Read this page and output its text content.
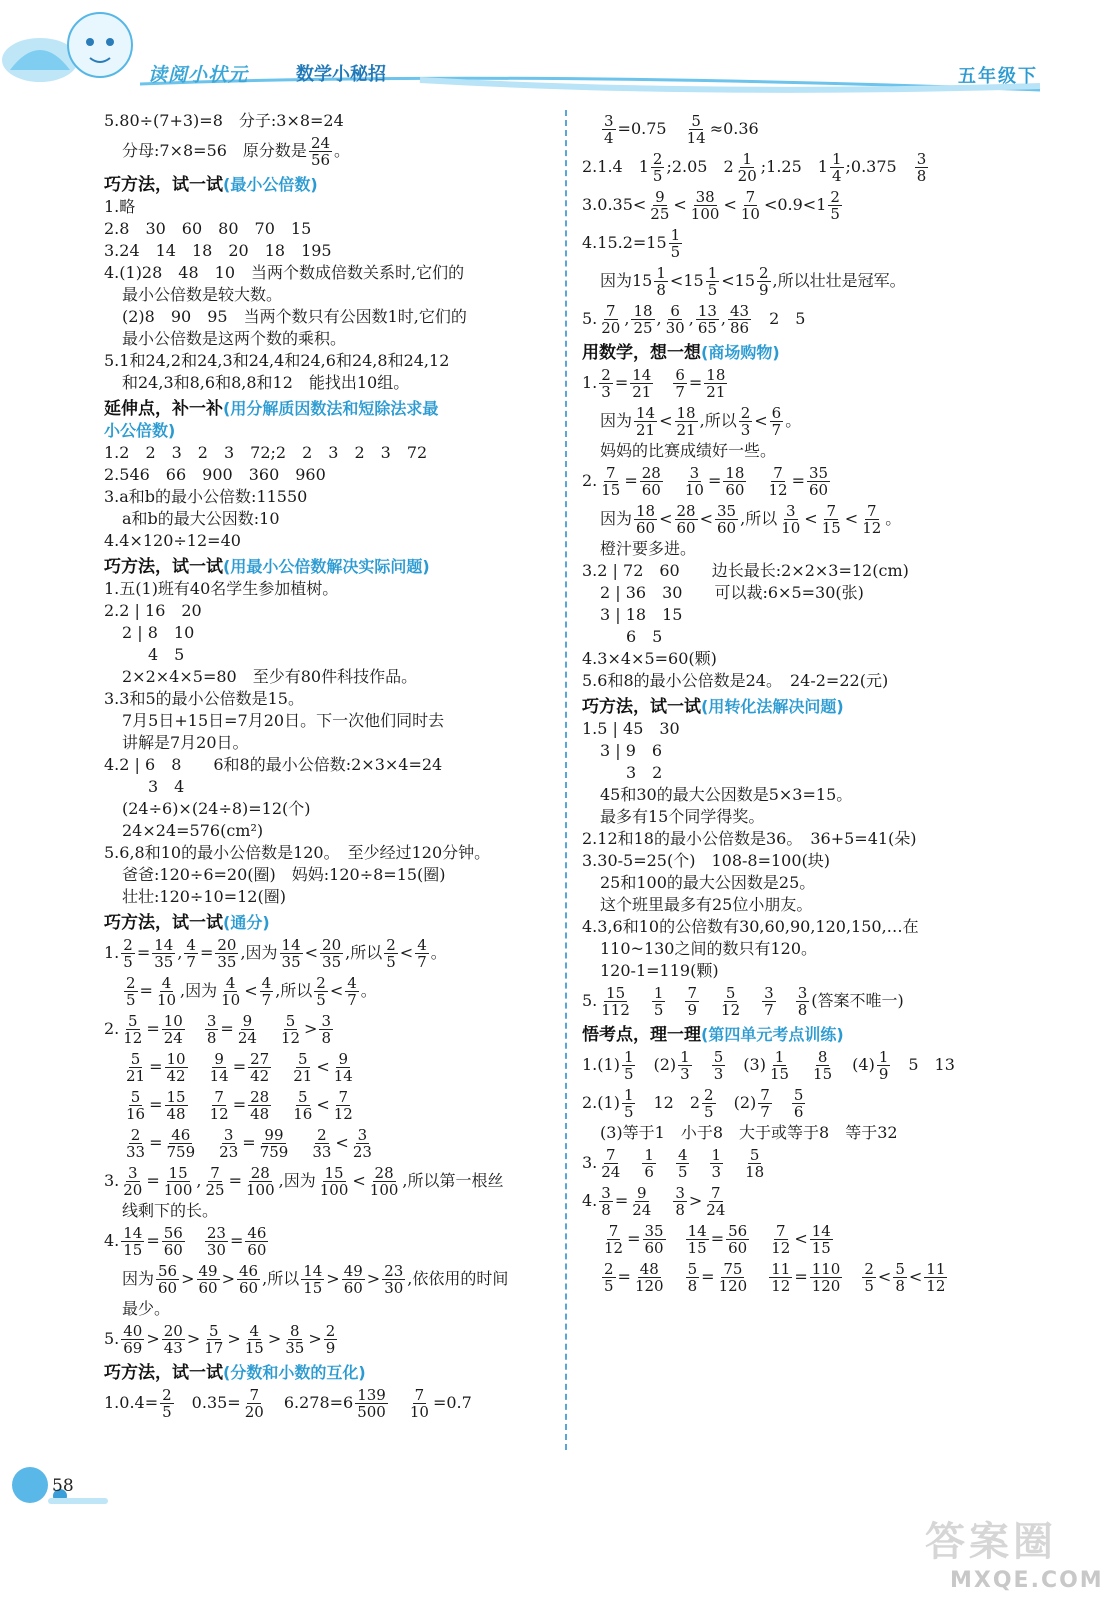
读阅小状元	数学小秘招	五年级下

5.80÷(7+3)=8　分子:3×8=24

分母:7×8=56　原分数是 $\frac{24}{56}$ 。

巧方法，试一试(最小公倍数)

1.略

2.8　30　60　80　70　15

3.24　14　18　20　18　195

4.(1)28　48　10　当两个数成倍数关系时,它们的

最小公倍数是较大数。

(2)8　90　95　当两个数只有公因数1时,它们的

最小公倍数是这两个数的乘积。

5.1和24,2和24,3和24,4和24,6和24,8和24,12

和24,3和8,6和8,8和12　能找出10组。

延伸点，补一补(用分解质因数法和短除法求最
小公倍数)

1.2　2　3　2　3　72;2　2　3　2　3　72

2.546　66　900　360　960

3.a和b的最小公倍数:11550

a和b的最大公因数:10

4.4×120÷12=40

巧方法，试一试(用最小公倍数解决实际问题)

1.五(1)班有40名学生参加植树。

2.2 | 16　20

2 | 8　10

4　5

2×2×4×5=80　至少有80件科技作品。

3.3和5的最小公倍数是15。

7月5日+15日=7月20日。下一次他们同时去

讲解是7月20日。

4.2 | 6　8　　6和8的最小公倍数:2×3×4=24

3　4

(24÷6)×(24÷8)=12(个)

24×24=576(cm²)

5.6,8和10的最小公倍数是120。　至少经过120分钟。

爸爸:120÷6=20(圈)　妈妈:120÷8=15(圈)

壮壮:120÷10=12(圈)

巧方法，试一试(通分)

1. $\frac{2}{5} = \frac{14}{35}$ , $\frac{4}{7} = \frac{20}{35}$ ,因为 $\frac{14}{35} < \frac{20}{35}$ ,所以 $\frac{2}{5} < \frac{4}{7}$ 。

$\frac{2}{5} = \frac{4}{10}$ ,因为 $\frac{4}{10} < \frac{4}{7}$ ,所以 $\frac{2}{5} < \frac{4}{7}$ 。

2. $\frac{5}{12} = \frac{10}{24}$
　 $\frac{3}{8} = \frac{9}{24}$
　 $\frac{5}{12} > \frac{3}{8}$

$\frac{5}{21} = \frac{10}{42}$
　 $\frac{9}{14} = \frac{27}{42}$
　 $\frac{5}{21} < \frac{9}{14}$

$\frac{5}{16} = \frac{15}{48}$
　 $\frac{7}{12} = \frac{28}{48}$
　 $\frac{5}{16} < \frac{7}{12}$

$\frac{2}{33} = \frac{46}{759}$
　 $\frac{3}{23} = \frac{99}{759}$
　 $\frac{2}{33} < \frac{3}{23}$

3. $\frac{3}{20} = \frac{15}{100}$ , $\frac{7}{25} = \frac{28}{100}$ ,因为 $\frac{15}{100} < \frac{28}{100}$ ,所以第一根丝

线剩下的长。

4. $\frac{14}{15} = \frac{56}{60}$
　 $\frac{23}{30} = \frac{46}{60}$

因为 $\frac{56}{60} > \frac{49}{60} > \frac{46}{60}$ ,所以 $\frac{14}{15} > \frac{49}{60} > \frac{23}{30}$ ,依依用的时间

最少。

5. $\frac{40}{69} > \frac{20}{43} > \frac{5}{17} > \frac{4}{15} > \frac{8}{35} > \frac{2}{9}$

巧方法，试一试(分数和小数的互化)

$1.0.4= \frac{2}{5}$ 　$0.35= \frac{7}{20}$ 　$6.278=6 \frac{139}{500}$
　 $\frac{7}{10} =0.7$

$\frac{3}{4} =0.75$　 $\frac{5}{14} \approx 0.36$

2.1.4　$1 \frac{2}{5}$ ;2.05　$2 \frac{1}{20}$ ;1.25　$1 \frac{1}{4}$ ;0.375　 $\frac{3}{8}$

$3.0.35< \frac{9}{25} < \frac{38}{100} < \frac{7}{10} <0.9<1 \frac{2}{5}$

$4.15.2=15 \frac{1}{5}$

因为$15 \frac{1}{8} <15 \frac{1}{5} <15 \frac{2}{9}$ ,所以壮壮是冠军。

5. $\frac{7}{20}$ , $\frac{18}{25}$ , $\frac{6}{30}$ , $\frac{13}{65}$ , $\frac{43}{86}$ 　2　5

用数学，想一想(商场购物)

1. $\frac{2}{3} = \frac{14}{21}$
　 $\frac{6}{7} = \frac{18}{21}$

因为 $\frac{14}{21} < \frac{18}{21}$ ,所以 $\frac{2}{3} < \frac{6}{7}$ 。

妈妈的比赛成绩好一些。

2. $\frac{7}{15} = \frac{28}{60}$
　 $\frac{3}{10} = \frac{18}{60}$
　 $\frac{7}{12} = \frac{35}{60}$

因为 $\frac{18}{60} < \frac{28}{60} < \frac{35}{60}$ ,所以 $\frac{3}{10} < \frac{7}{15} < \frac{7}{12}$ 。

橙汁要多进。

3.2 | 72　60　　边长最长:2×2×3=12(cm)

2 | 36　30　　可以裁:6×5=30(张)

3 | 18　15

6　5

4.3×4×5=60(颗)

5.6和8的最小公倍数是24。　24-2=22(元)

巧方法，试一试(用转化法解决问题)

1.5 | 45　30

3 | 9　6

3　2

45和30的最大公因数是5×3=15。

最多有15个同学得奖。

2.12和18的最小公倍数是36。　36+5=41(朵)

3.30-5=25(个)　108-8=100(块)

25和100的最大公因数是25。

这个班里最多有25位小朋友。

4.3,6和10的公倍数有30,60,90,120,150,…在

110~130之间的数只有120。

120-1=119(颗)

5. $\frac{15}{112}$
　 $\frac{1}{5}$
　 $\frac{7}{9}$
　 $\frac{5}{12}$
　 $\frac{3}{7}$
　 $\frac{3}{8}$ (答案不唯一)

悟考点，理一理(第四单元考点训练)

$1.(1) \frac{1}{5}$ 　$(2) \frac{1}{3}$
　 $\frac{5}{3}$ 　$(3) \frac{1}{15}$
　 $\frac{8}{15}$ 　$(4) \frac{1}{9}$ 　5　13

$2.(1) \frac{1}{5}$ 　12　$2 \frac{2}{5}$ 　$(2) \frac{7}{7}$
　 $\frac{5}{6}$

(3)等于1　小于8　大于或等于8　等于32

3. $\frac{7}{24}$
　 $\frac{1}{6}$
　 $\frac{4}{5}$
　 $\frac{1}{3}$
　 $\frac{5}{18}$

4. $\frac{3}{8} = \frac{9}{24}$
　 $\frac{3}{8} > \frac{7}{24}$

$\frac{7}{12} = \frac{35}{60}$
　 $\frac{14}{15} = \frac{56}{60}$
　 $\frac{7}{12} < \frac{14}{15}$

$\frac{2}{5} = \frac{48}{120}$
　 $\frac{5}{8} = \frac{75}{120}$
　 $\frac{11}{12} = \frac{110}{120}$
　 $\frac{2}{5} < \frac{5}{8} < \frac{11}{12}$

58
答案圈
MXQE.COM
